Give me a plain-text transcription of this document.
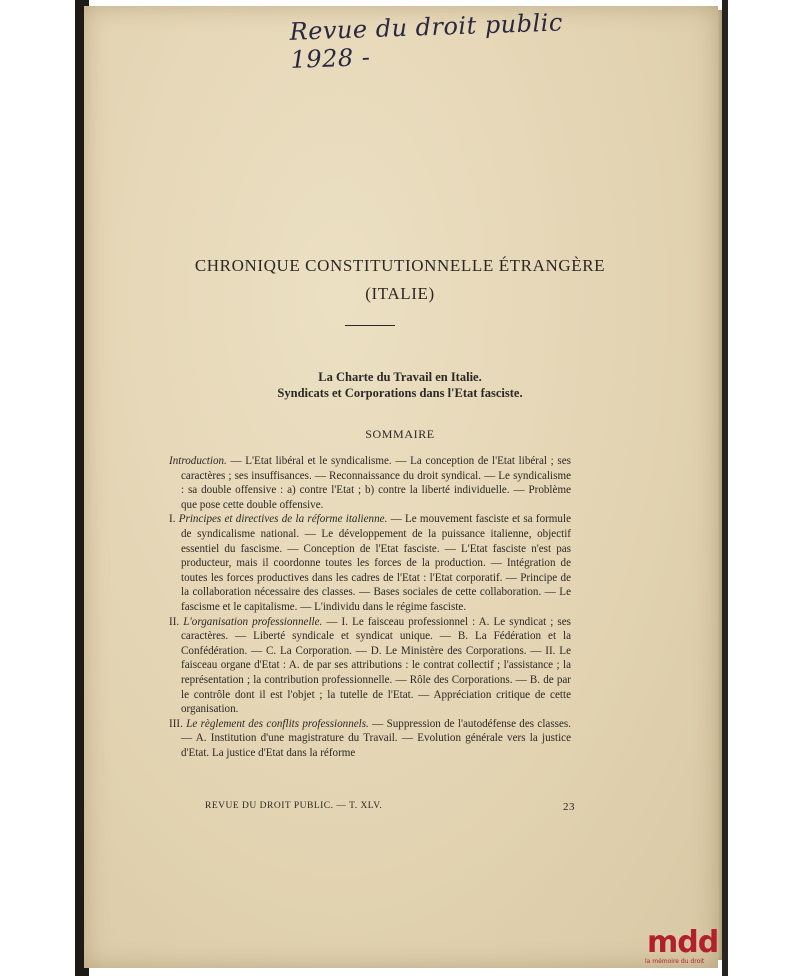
Revue du droit public 1928 -
CHRONIQUE CONSTITUTIONNELLE ÉTRANGÈRE
(ITALIE)
La Charte du Travail en Italie.
Syndicats et Corporations dans l'Etat fasciste.
SOMMAIRE

Introduction. — L'Etat libéral et le syndicalisme. — La conception de l'Etat libéral ; ses caractères ; ses insuffisances. — Reconnaissance du droit syndical. — Le syndicalisme : sa double offensive : a) contre l'Etat ; b) contre la liberté individuelle. — Problème que pose cette double offensive.

I. Principes et directives de la réforme italienne. — Le mouvement fasciste et sa formule de syndicalisme national. — Le développement de la puissance italienne, objectif essentiel du fascisme. — Conception de l'Etat fasciste. — L'Etat fasciste n'est pas producteur, mais il coordonne toutes les forces de la production. — Intégration de toutes les forces productives dans les cadres de l'Etat : l'Etat corporatif. — Principe de la collaboration nécessaire des classes. — Bases sociales de cette collaboration. — Le fascisme et le capitalisme. — L'individu dans le régime fasciste.

II. L'organisation professionnelle. — I. Le faisceau professionnel : A. Le syndicat ; ses caractères. — Liberté syndicale et syndicat unique. — B. La Fédération et la Confédération. — C. La Corporation. — D. Le Ministère des Corporations. — II. Le faisceau organe d'Etat : A. de par ses attributions : le contrat collectif ; l'assistance ; la représentation ; la contribution professionnelle. — Rôle des Corporations. — B. de par le contrôle dont il est l'objet ; la tutelle de l'Etat. — Appréciation critique de cette organisation.

III. Le règlement des conflits professionnels. — Suppression de l'autodéfense des classes. — A. Institution d'une magistrature du Travail. — Evolution générale vers la justice d'Etat. La justice d'Etat dans la réforme

REVUE DU DROIT PUBLIC. — T. XLV.	23
mdd
la mémoire du droit
